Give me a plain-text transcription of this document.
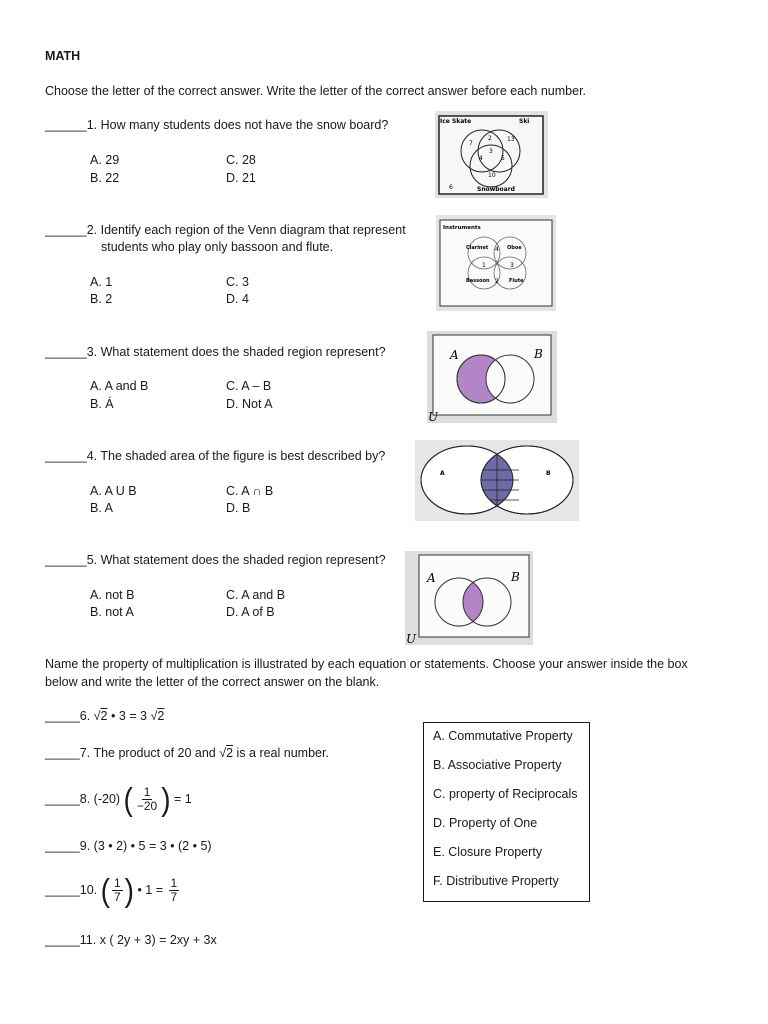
MATH
Choose the letter of the correct answer. Write the letter of the correct answer before each number.
______1. How many students does not have the snow board?
A. 29	C. 28
B. 22	D. 21
Ice Skate	Ski
Snowboard
7
2	13
3
4	5
10
6
______2. Identify each region of the Venn diagram that represent
students who play only bassoon and flute.
A. 1	C. 3
B. 2	D. 4
Instruments
Clarinet	Oboe
Bassoon	Flute
4
1	3
2
______3. What statement does the shaded region represent?
A. A and B	C. A – B
B. Á	D. Not A
A	B
U
______4. The shaded area of the figure is best described by?
A. A U B	C. A ∩ B
B. A	D. B
A	B
______5. What statement does the shaded region represent?
A. not B	C. A and B
B. not A	D. A of B
A	B
U
Name the property of multiplication is illustrated by each equation or statements. Choose your answer inside the box
below and write the letter of the correct answer on the blank.
_____6. √2 • 3 = 3 √2
_____7. The product of 20 and √2 is a real number.
_____8. (-20) ( $\frac{1}{-20}$ ) = 1
_____9. (3 • 2) • 5 = 3 • (2 • 5)
_____10. ( $\frac{1}{7}$ ) • $1 = \frac{1}{7}$
_____11. x ( 2y + 3) = 2xy + 3x
A. Commutative Property
B. Associative Property
C. property of Reciprocals
D. Property of One
E. Closure Property
F. Distributive Property
